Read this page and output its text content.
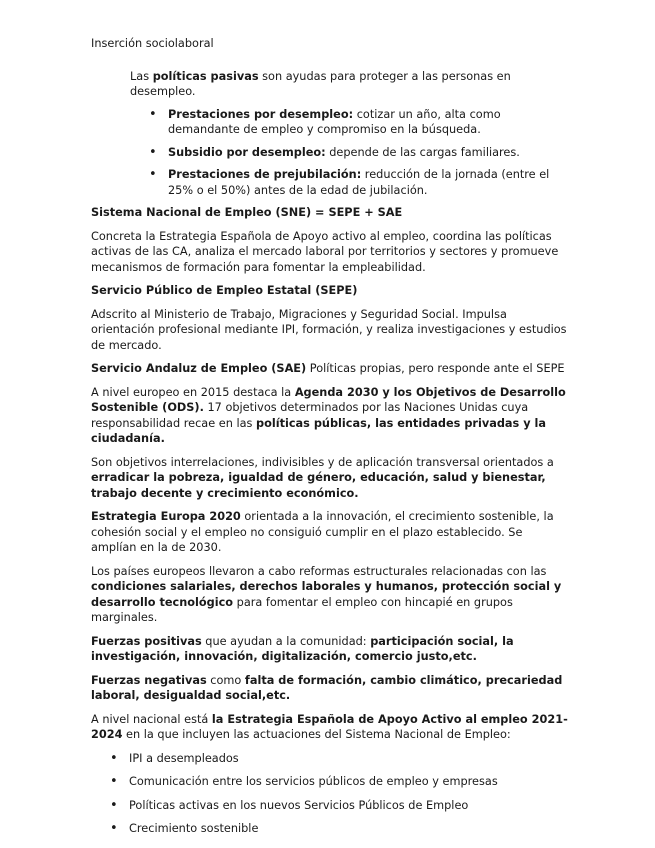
Inserción sociolaboral

Las políticas pasivas son ayudas para proteger a las personas en desempleo.

• Prestaciones por desempleo: cotizar un año, alta como demandante de empleo y compromiso en la búsqueda.
• Subsidio por desempleo: depende de las cargas familiares.
• Prestaciones de prejubilación: reducción de la jornada (entre el 25% o el 50%) antes de la edad de jubilación.

Sistema Nacional de Empleo (SNE) = SEPE + SAE

Concreta la Estrategia Española de Apoyo activo al empleo, coordina las políticas activas de las CA, analiza el mercado laboral por territorios y sectores y promueve mecanismos de formación para fomentar la empleabilidad.

Servicio Público de Empleo Estatal (SEPE)

Adscrito al Ministerio de Trabajo, Migraciones y Seguridad Social. Impulsa orientación profesional mediante IPI, formación, y realiza investigaciones y estudios de mercado.

Servicio Andaluz de Empleo (SAE) Políticas propias, pero responde ante el SEPE

A nivel europeo en 2015 destaca la Agenda 2030 y los Objetivos de Desarrollo Sostenible (ODS). 17 objetivos determinados por las Naciones Unidas cuya responsabilidad recae en las políticas públicas, las entidades privadas y la ciudadanía.

Son objetivos interrelaciones, indivisibles y de aplicación transversal orientados a erradicar la pobreza, igualdad de género, educación, salud y bienestar, trabajo decente y crecimiento económico.

Estrategia Europa 2020 orientada a la innovación, el crecimiento sostenible, la cohesión social y el empleo no consiguió cumplir en el plazo establecido. Se amplían en la de 2030.

Los países europeos llevaron a cabo reformas estructurales relacionadas con las condiciones salariales, derechos laborales y humanos, protección social y desarrollo tecnológico para fomentar el empleo con hincapié en grupos marginales.

Fuerzas positivas que ayudan a la comunidad: participación social, la investigación, innovación, digitalización, comercio justo,etc.

Fuerzas negativas como falta de formación, cambio climático, precariedad laboral, desigualdad social,etc.

A nivel nacional está la Estrategia Española de Apoyo Activo al empleo 2021-2024 en la que incluyen las actuaciones del Sistema Nacional de Empleo:

• IPI a desempleados
• Comunicación entre los servicios públicos de empleo y empresas
• Políticas activas en los nuevos Servicios Públicos de Empleo
• Crecimiento sostenible
